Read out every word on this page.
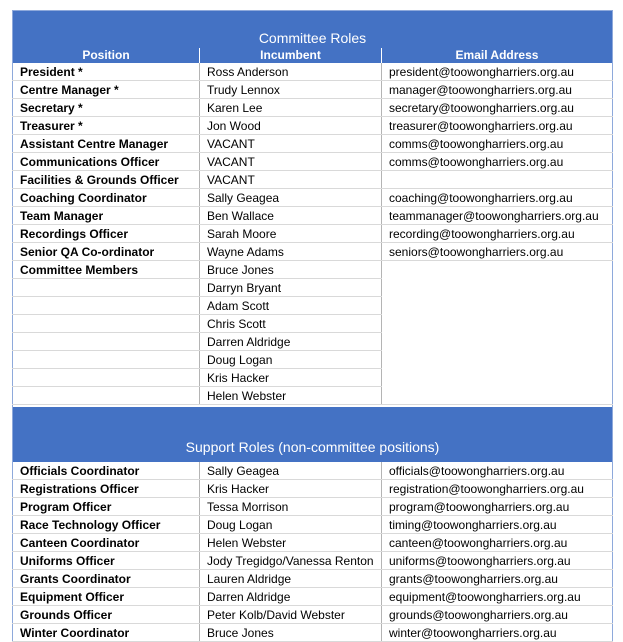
Committee Roles		
Position	Incumbent	Email Address
President *	Ross Anderson	president@toowongharriers.org.au
Centre Manager *	Trudy Lennox	manager@toowongharriers.org.au
Secretary *	Karen Lee	secretary@toowongharriers.org.au
Treasurer *	Jon Wood	treasurer@toowongharriers.org.au
Assistant Centre Manager	VACANT	comms@toowongharriers.org.au
Communications Officer	VACANT	comms@toowongharriers.org.au
Facilities & Grounds Officer	VACANT	
Coaching Coordinator	Sally Geagea	coaching@toowongharriers.org.au
Team Manager	Ben Wallace	teammanager@toowongharriers.org.au
Recordings Officer	Sarah Moore	recording@toowongharriers.org.au
Senior QA Co-ordinator	Wayne Adams	seniors@toowongharriers.org.au
Committee Members	Bruce Jones	
	Darryn Bryant	
	Adam Scott	
	Chris Scott	
	Darren Aldridge	
	Doug Logan	
	Kris Hacker	
	Helen Webster	

Support Roles (non-committee positions)		
Officials Coordinator	Sally Geagea	officials@toowongharriers.org.au
Registrations Officer	Kris Hacker	registration@toowongharriers.org.au
Program Officer	Tessa Morrison	program@toowongharriers.org.au
Race Technology Officer	Doug Logan	timing@toowongharriers.org.au
Canteen Coordinator	Helen Webster	canteen@toowongharriers.org.au
Uniforms Officer	Jody Tregidgo/Vanessa Renton	uniforms@toowongharriers.org.au
Grants Coordinator	Lauren Aldridge	grants@toowongharriers.org.au
Equipment Officer	Darren Aldridge	equipment@toowongharriers.org.au
Grounds Officer	Peter Kolb/David Webster	grounds@toowongharriers.org.au
Winter Coordinator	Bruce Jones	winter@toowongharriers.org.au
